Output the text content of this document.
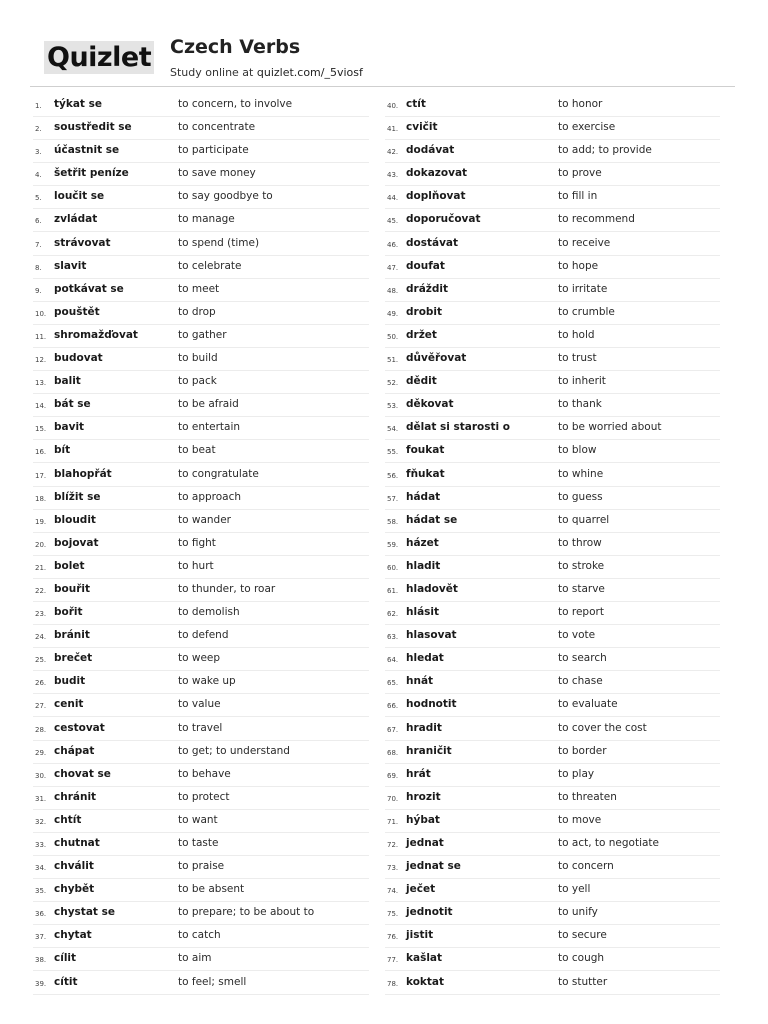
Quizlet Czech Verbs
Study online at quizlet.com/_5viosf
1. týkat se	to concern, to involve
2. soustředit se	to concentrate
3. účastnit se	to participate
4. šetřit peníze	to save money
5. loučit se	to say goodbye to
6. zvládat	to manage
7. strávovat	to spend (time)
8. slavit	to celebrate
9. potkávat se	to meet
10. pouštět	to drop
11. shromažďovat	to gather
12. budovat	to build
13. balit	to pack
14. bát se	to be afraid
15. bavit	to entertain
16. bít	to beat
17. blahopřát	to congratulate
18. blížit se	to approach
19. bloudit	to wander
20. bojovat	to fight
21. bolet	to hurt
22. bouřit	to thunder, to roar
23. bořit	to demolish
24. bránit	to defend
25. brečet	to weep
26. budit	to wake up
27. cenit	to value
28. cestovat	to travel
29. chápat	to get; to understand
30. chovat se	to behave
31. chránit	to protect
32. chtít	to want
33. chutnat	to taste
34. chválit	to praise
35. chybět	to be absent
36. chystat se	to prepare; to be about to
37. chytat	to catch
38. cílit	to aim
39. cítit	to feel; smell
40. ctít	to honor
41. cvičit	to exercise
42. dodávat	to add; to provide
43. dokazovat	to prove
44. doplňovat	to fill in
45. doporučovat	to recommend
46. dostávat	to receive
47. doufat	to hope
48. dráždit	to irritate
49. drobit	to crumble
50. držet	to hold
51. důvěřovat	to trust
52. dědit	to inherit
53. děkovat	to thank
54. dělat si starosti o	to be worried about
55. foukat	to blow
56. fňukat	to whine
57. hádat	to guess
58. hádat se	to quarrel
59. házet	to throw
60. hladit	to stroke
61. hladovět	to starve
62. hlásit	to report
63. hlasovat	to vote
64. hledat	to search
65. hnát	to chase
66. hodnotit	to evaluate
67. hradit	to cover the cost
68. hraničit	to border
69. hrát	to play
70. hrozit	to threaten
71. hýbat	to move
72. jednat	to act, to negotiate
73. jednat se	to concern
74. ječet	to yell
75. jednotit	to unify
76. jistit	to secure
77. kašlat	to cough
78. koktat	to stutter
